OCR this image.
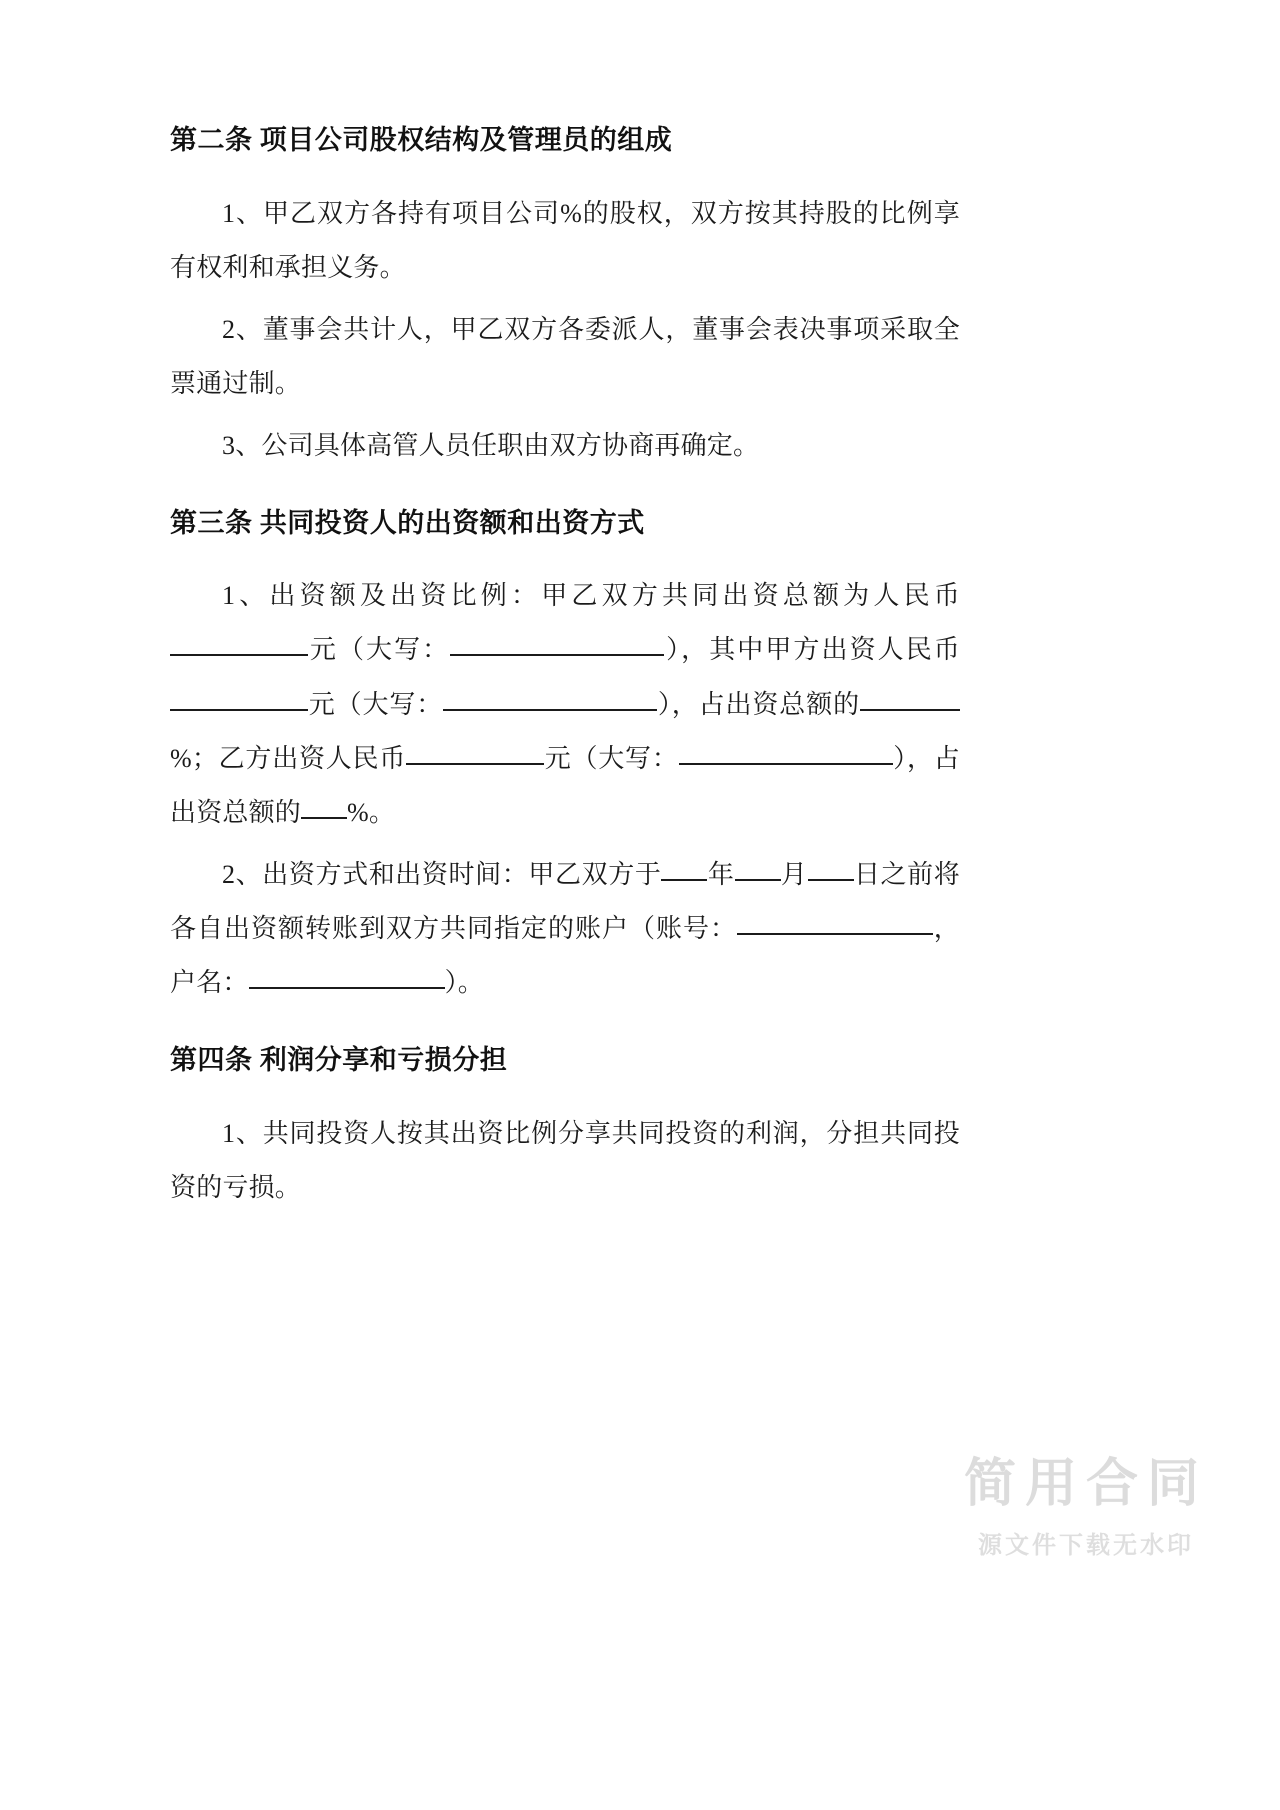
第二条 项目公司股权结构及管理员的组成

1、甲乙双方各持有项目公司%的股权，双方按其持股的比例享有权利和承担义务。

2、董事会共计人，甲乙双方各委派人，董事会表决事项采取全票通过制。

3、公司具体高管人员任职由双方协商再确定。

第三条 共同投资人的出资额和出资方式

1、出资额及出资比例：甲乙双方共同出资总额为人民币元（大写：	），其中甲方出资人民币元（大写：	），占出资总额的%；乙方出资人民币	元（大写：	），占出资总额的 %。

2、出资方式和出资时间：甲乙双方于 年 月 日之前将各自出资额转账到双方共同指定的账户（账号：	，户名：	）。

第四条 利润分享和亏损分担

1、共同投资人按其出资比例分享共同投资的利润，分担共同投资的亏损。

简用合同
源文件下载无水印
